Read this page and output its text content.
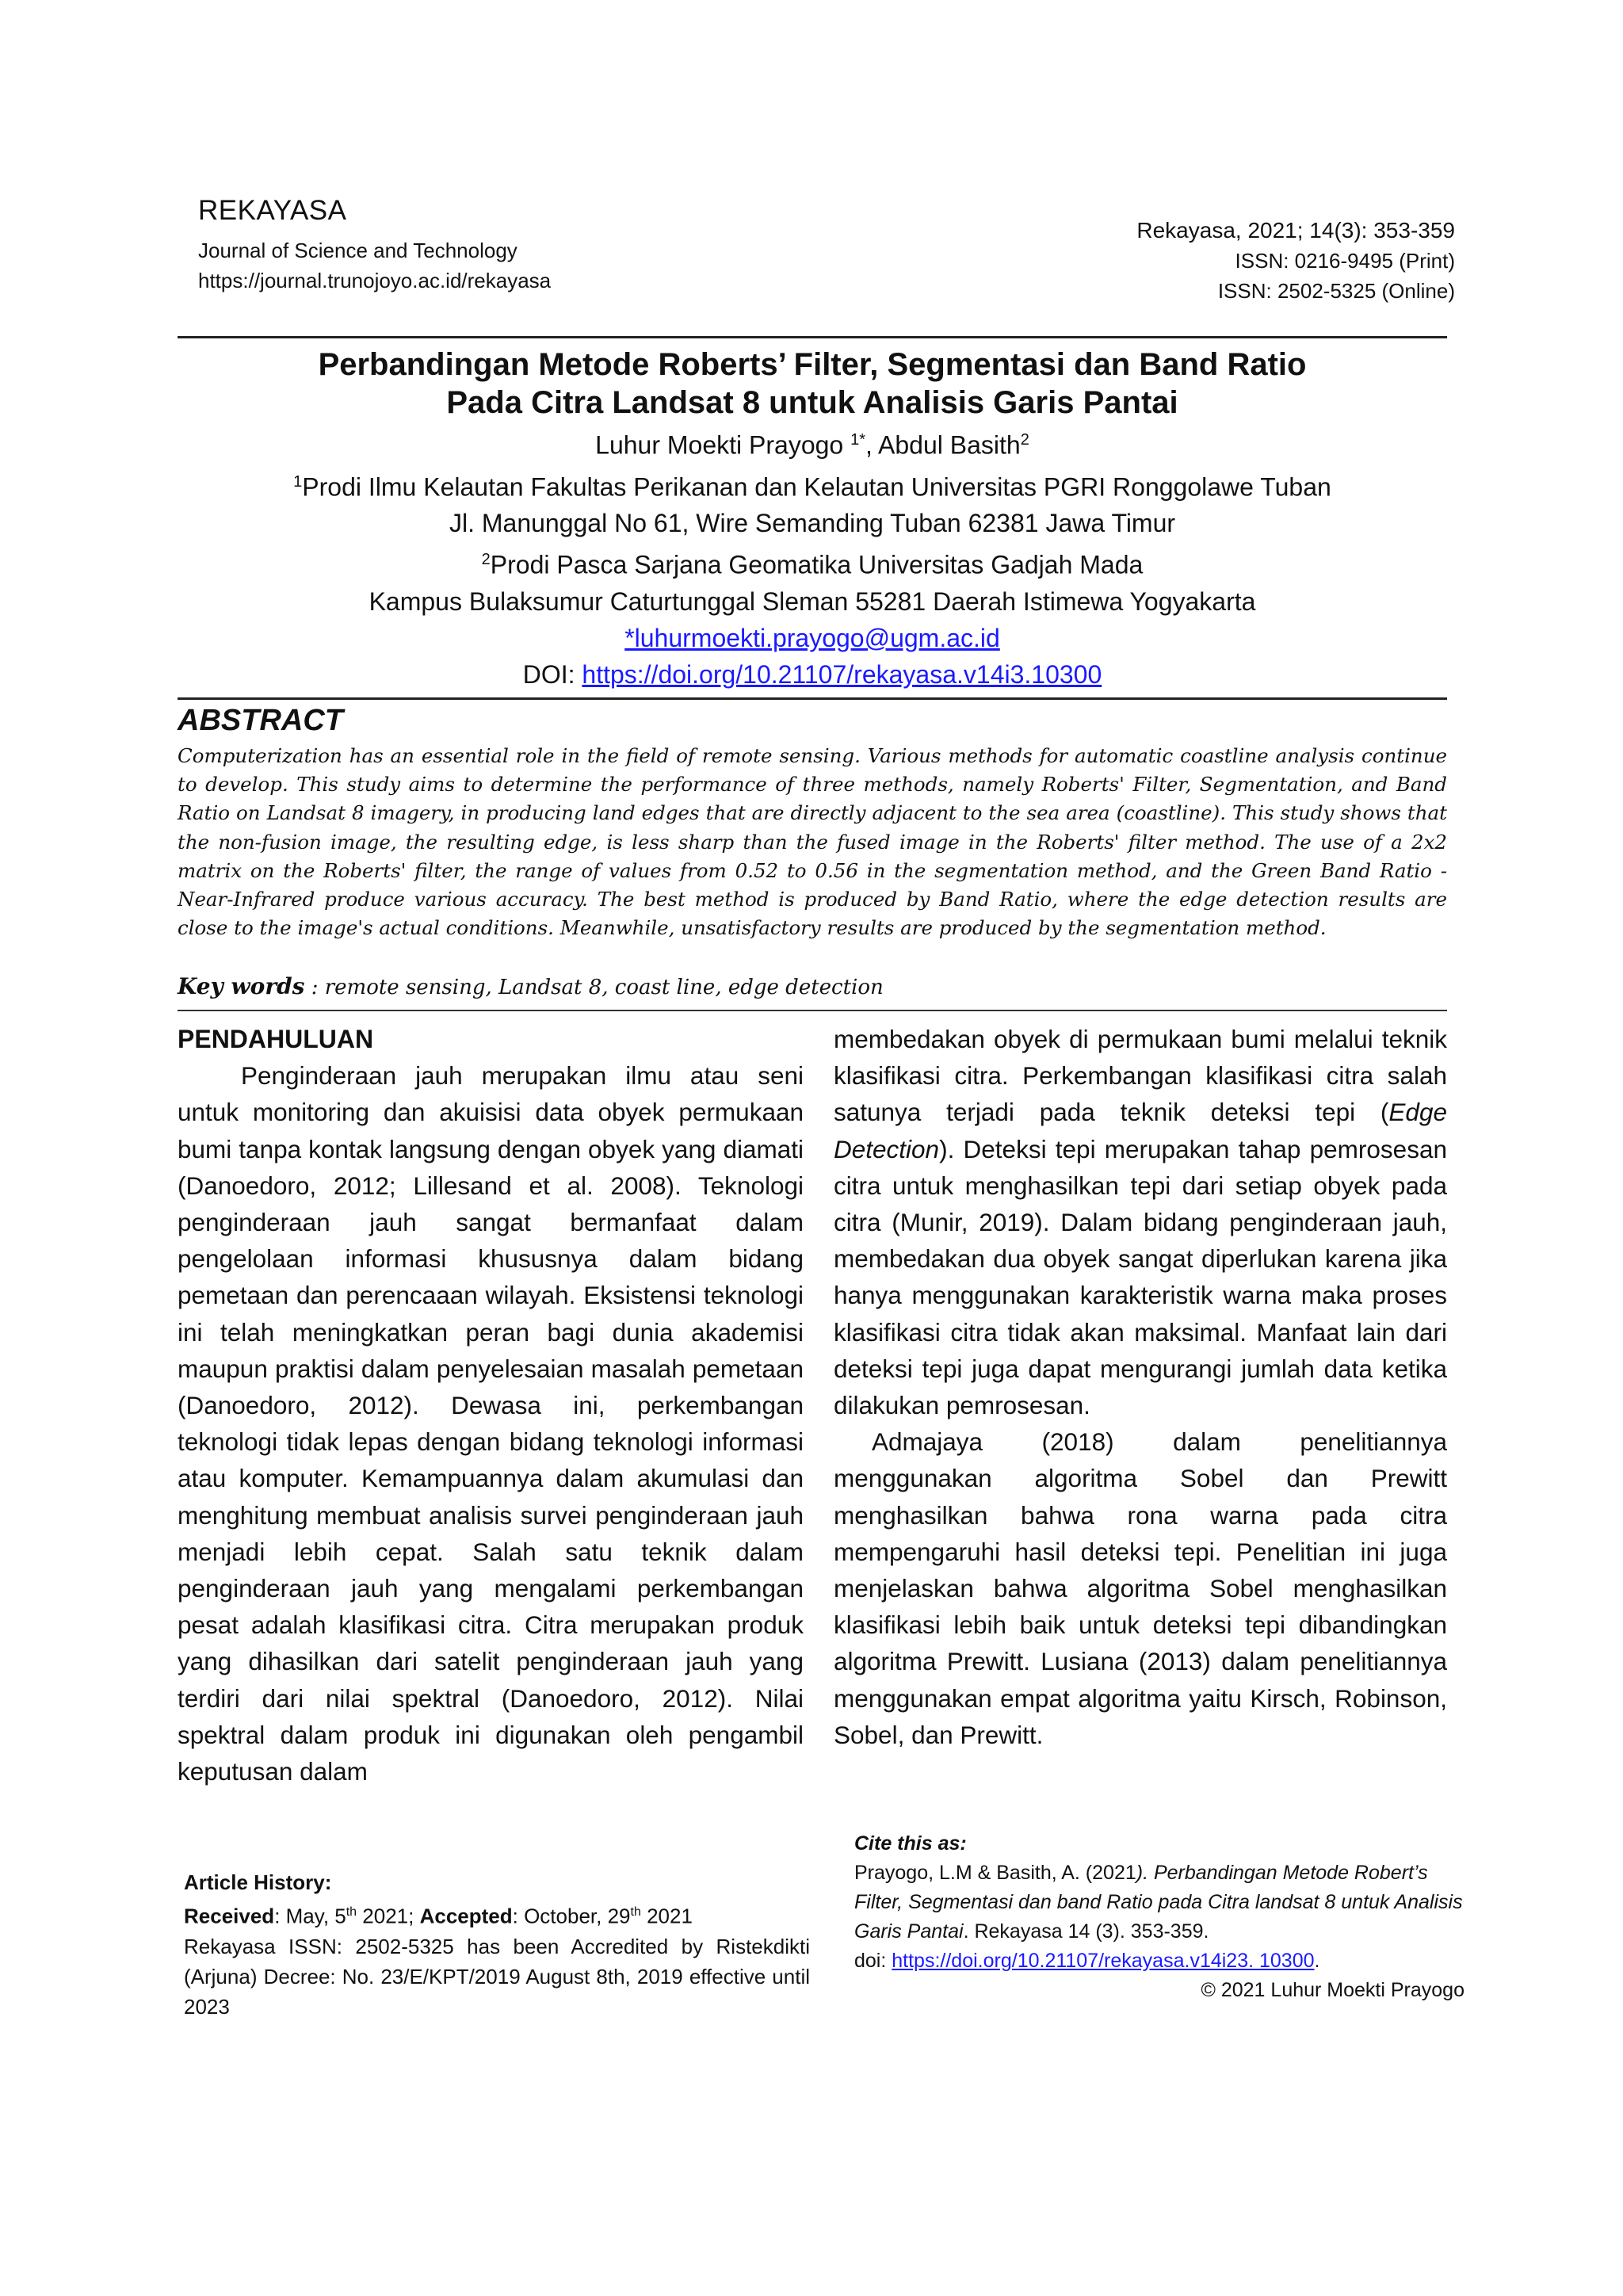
REKAYASA
Journal of Science and Technology
https://journal.trunojoyo.ac.id/rekayasa
Rekayasa, 2021; 14(3): 353-359
ISSN: 0216-9495 (Print)
ISSN: 2502-5325 (Online)

Perbandingan Metode Roberts’ Filter, Segmentasi dan Band Ratio

Pada Citra Landsat 8 untuk Analisis Garis Pantai

Luhur Moekti Prayogo $^{1*}$, Abdul Basith$^2$

$^1$Prodi Ilmu Kelautan Fakultas Perikanan dan Kelautan Universitas PGRI Ronggolawe Tuban

Jl. Manunggal No 61, Wire Semanding Tuban 62381 Jawa Timur

$^2$Prodi Pasca Sarjana Geomatika Universitas Gadjah Mada

Kampus Bulaksumur Caturtunggal Sleman 55281 Daerah Istimewa Yogyakarta

*luhurmoekti.prayogo@ugm.ac.id

DOI: https://doi.org/10.21107/rekayasa.v14i3.10300

ABSTRACT
Computerization has an essential role in the field of remote sensing. Various methods for automatic coastline analysis continue to develop. This study aims to determine the performance of three methods, namely Roberts' Filter, Segmentation, and Band Ratio on Landsat 8 imagery, in producing land edges that are directly adjacent to the sea area (coastline). This study shows that the non-fusion image, the resulting edge, is less sharp than the fused image in the Roberts' filter method. The use of a 2x2 matrix on the Roberts' filter, the range of values from 0.52 to 0.56 in the segmentation method, and the Green Band Ratio - Near-Infrared produce various accuracy. The best method is produced by Band Ratio, where the edge detection results are close to the image's actual conditions. Meanwhile, unsatisfactory results are produced by the segmentation method.
Key words : remote sensing, Landsat 8, coast line, edge detection

PENDAHULUAN

Penginderaan jauh merupakan ilmu atau seni untuk monitoring dan akuisisi data obyek permukaan bumi tanpa kontak langsung dengan obyek yang diamati (Danoedoro, 2012; Lillesand et al. 2008). Teknologi penginderaan jauh sangat bermanfaat dalam pengelolaan informasi khususnya dalam bidang pemetaan dan perencaaan wilayah. Eksistensi teknologi ini telah meningkatkan peran bagi dunia akademisi maupun praktisi dalam penyelesaian masalah pemetaan (Danoedoro, 2012). Dewasa ini, perkembangan teknologi tidak lepas dengan bidang teknologi informasi atau komputer. Kemampuannya dalam akumulasi dan menghitung membuat analisis survei penginderaan jauh menjadi lebih cepat. Salah satu teknik dalam penginderaan jauh yang mengalami perkembangan pesat adalah klasifikasi citra. Citra merupakan produk yang dihasilkan dari satelit penginderaan jauh yang terdiri dari nilai spektral (Danoedoro, 2012). Nilai spektral dalam produk ini digunakan oleh pengambil keputusan dalam

membedakan obyek di permukaan bumi melalui teknik klasifikasi citra. Perkembangan klasifikasi citra salah satunya terjadi pada teknik deteksi tepi (Edge Detection). Deteksi tepi merupakan tahap pemrosesan citra untuk menghasilkan tepi dari setiap obyek pada citra (Munir, 2019). Dalam bidang penginderaan jauh, membedakan dua obyek sangat diperlukan karena jika hanya menggunakan karakteristik warna maka proses klasifikasi citra tidak akan maksimal. Manfaat lain dari deteksi tepi juga dapat mengurangi jumlah data ketika dilakukan pemrosesan.

Admajaya (2018) dalam penelitiannya menggunakan algoritma Sobel dan Prewitt menghasilkan bahwa rona warna pada citra mempengaruhi hasil deteksi tepi. Penelitian ini juga menjelaskan bahwa algoritma Sobel menghasilkan klasifikasi lebih baik untuk deteksi tepi dibandingkan algoritma Prewitt. Lusiana (2013) dalam penelitiannya menggunakan empat algoritma yaitu Kirsch, Robinson, Sobel, dan Prewitt.

Article History:
Received: May, 5th 2021; Accepted: October, 29th 2021
Rekayasa ISSN: 2502-5325 has been Accredited by Ristekdikti (Arjuna) Decree: No. 23/E/KPT/2019 August 8th, 2019 effective until 2023
Cite this as:
Prayogo, L.M & Basith, A. (2021). Perbandingan Metode Robert’s Filter, Segmentasi dan band Ratio pada Citra landsat 8 untuk Analisis Garis Pantai. Rekayasa 14 (3). 353-359.
doi: https://doi.org/10.21107/rekayasa.v14i23. 10300.
© 2021 Luhur Moekti Prayogo
